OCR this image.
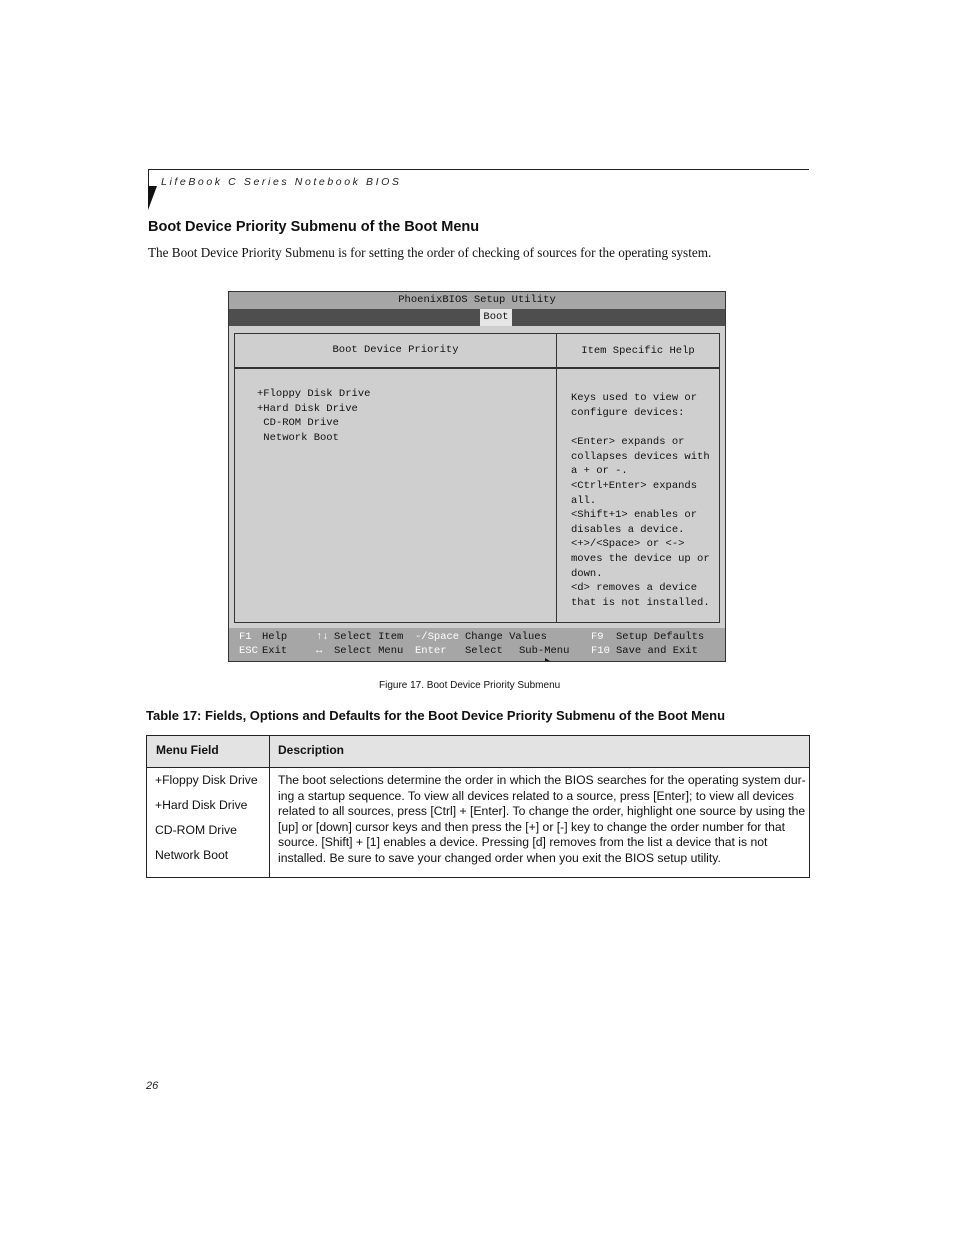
LifeBook C Series Notebook BIOS
Boot Device Priority Submenu of the Boot Menu
The Boot Device Priority Submenu is for setting the order of checking of sources for the operating system.
PhoenixBIOS Setup Utility
Boot
Boot Device Priority	Item Specific Help
+Floppy Disk Drive
+Hard Disk Drive
CD-ROM Drive
Network Boot
Keys used to view or
configure devices:
<Enter> expands or
collapses devices with
a + or -.
<Ctrl+Enter> expands
all.
<Shift+1> enables or
disables a device.
<+>/<Space> or <->
moves the device up or
down.
<d> removes a device
that is not installed.
F1 Help
ESC Exit
↑↓ Select Item
↔ Select Menu
-/Space Change Values
Enter Select

Sub-Menu
F9 Setup Defaults
F10 Save and Exit
Figure 17. Boot Device Priority Submenu
Table 17: Fields, Options and Defaults for the Boot Device Priority Submenu of the Boot Menu
Menu Field	Description
+Floppy Disk Drive
+Hard Disk Drive
CD-ROM Drive
Network Boot
The boot selections determine the order in which the BIOS searches for the operating system dur-
ing a startup sequence. To view all devices related to a source, press [Enter]; to view all devices
related to all sources, press [Ctrl] + [Enter]. To change the order, highlight one source by using the
[up] or [down] cursor keys and then press the [+] or [-] key to change the order number for that
source. [Shift] + [1] enables a device. Pressing [d] removes from the list a device that is not
installed. Be sure to save your changed order when you exit the BIOS setup utility.
26
